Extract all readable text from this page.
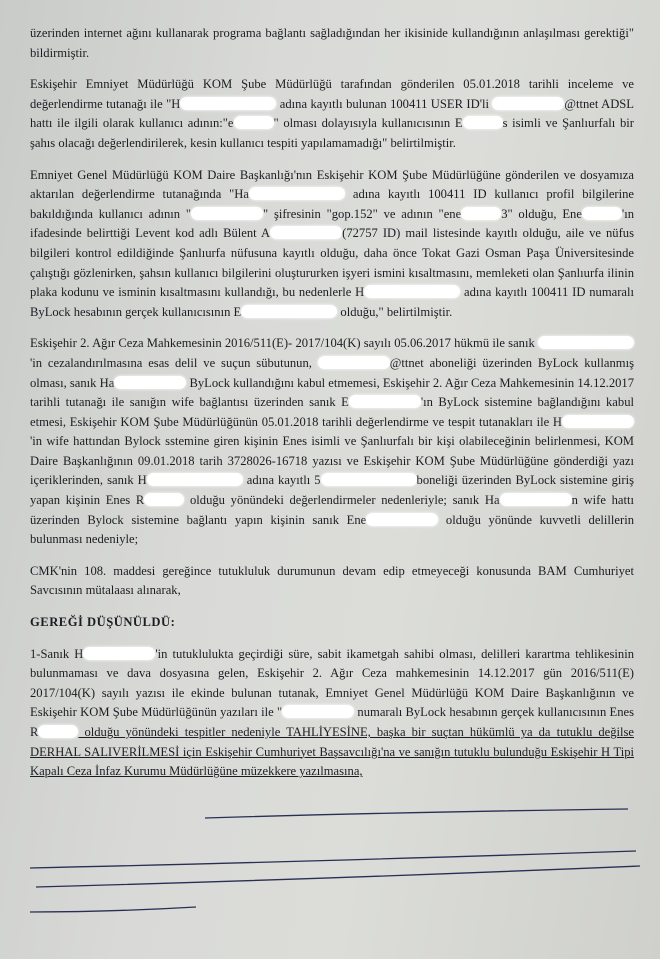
üzerinden internet ağını kullanarak programa bağlantı sağladığından her ikisinide kullandığının anlaşılması gerektiği" bildirmiştir.

Eskişehir Emniyet Müdürlüğü KOM Şube Müdürlüğü tarafından gönderilen 05.01.2018 tarihli inceleme ve değerlendirme tutanağı ile "H	adına kayıtlı bulunan 100411 USER ID'li	@ttnet ADSL hattı ile ilgili olarak kullanıcı adının:"e	" olması dolayısıyla kullanıcısının E	s isimli ve Şanlıurfalı bir şahıs olacağı değerlendirilerek, kesin kullanıcı tespiti yapılamamadığı" belirtilmiştir.

Emniyet Genel Müdürlüğü KOM Daire Başkanlığı'nın Eskişehir KOM Şube Müdürlüğüne gönderilen ve dosyamıza aktarılan değerlendirme tutanağında "Ha	adına kayıtlı 100411 ID kullanıcı profil bilgilerine bakıldığında kullanıcı adının "	" şifresinin "gop.152" ve adının "ene	3" olduğu, Ene	'ın ifadesinde belirttiği Levent kod adlı Bülent A	(72757 ID) mail listesinde kayıtlı olduğu, aile ve nüfus bilgileri kontrol edildiğinde Şanlıurfa nüfusuna kayıtlı olduğu, daha önce Tokat Gazi Osman Paşa Üniversitesinde çalıştığı gözlenirken, şahsın kullanıcı bilgilerini oluştururken işyeri ismini kısaltmasını, memleketi olan Şanlıurfa ilinin plaka kodunu ve isminin kısaltmasını kullandığı, bu nedenlerle H	adına kayıtlı 100411 ID numaralı ByLock hesabının gerçek kullanıcısının E	olduğu," belirtilmiştir.

Eskişehir 2. Ağır Ceza Mahkemesinin 2016/511(E)- 2017/104(K) sayılı 05.06.2017 hükmü ile sanık 'in cezalandırılmasına esas delil ve suçun sübutunun,	@ttnet aboneliği üzerinden ByLock kullanmış olması, sanık Ha	ByLock kullandığını kabul etmemesi, Eskişehir 2. Ağır Ceza Mahkemesinin 14.12.2017 tarihli tutanağı ile sanığın wife bağlantısı üzerinden sanık E	'ın ByLock sistemine bağlandığını kabul etmesi, Eskişehir KOM Şube Müdürlüğünün 05.01.2018 tarihli değerlendirme ve tespit tutanakları ile H'in wife hattından Bylock sstemine giren kişinin Enes isimli ve Şanlıurfalı bir kişi olabileceğinin belirlenmesi, KOM Daire Başkanlığının 09.01.2018 tarih 3728026-16718 yazısı ve Eskişehir KOM Şube Müdürlüğüne gönderdiği yazı içeriklerinden, sanık H	adına kayıtlı 5	boneliği üzerinden ByLock sistemine giriş yapan kişinin Enes R	olduğu yönündeki değerlendirmeler nedenleriyle; sanık Ha	n wife hattı üzerinden Bylock sistemine bağlantı yapın kişinin sanık Ene	olduğu yönünde kuvvetli delillerin bulunması nedeniyle;

CMK'nin 108. maddesi gereğince tutukluluk durumunun devam edip etmeyeceği konusunda BAM Cumhuriyet Savcısının mütalaası alınarak,

GEREĞİ DÜŞÜNÜLDÜ:

1-Sanık H	'in tutuklulukta geçirdiği süre, sabit ikametgah sahibi olması, delilleri karartma tehlikesinin bulunmaması ve dava dosyasına gelen, Eskişehir 2. Ağır Ceza mahkemesinin 14.12.2017 gün 2016/511(E) 2017/104(K) sayılı yazısı ile ekinde bulunan tutanak, Emniyet Genel Müdürlüğü KOM Daire Başkanlığının ve Eskişehir KOM Şube Müdürlüğünün yazıları ile "	numaralı ByLock hesabının gerçek kullanıcısının Enes R	olduğu yönündeki tespitler nedeniyle TAHLİYESİNE, başka bir suçtan hükümlü ya da tutuklu değilse DERHAL SALIVERİLMESİ için Eskişehir Cumhuriyet Başsavcılığı'na ve sanığın tutuklu bulunduğu Eskişehir H Tipi Kapalı Ceza İnfaz Kurumu Müdürlüğüne müzekkere yazılmasına,
